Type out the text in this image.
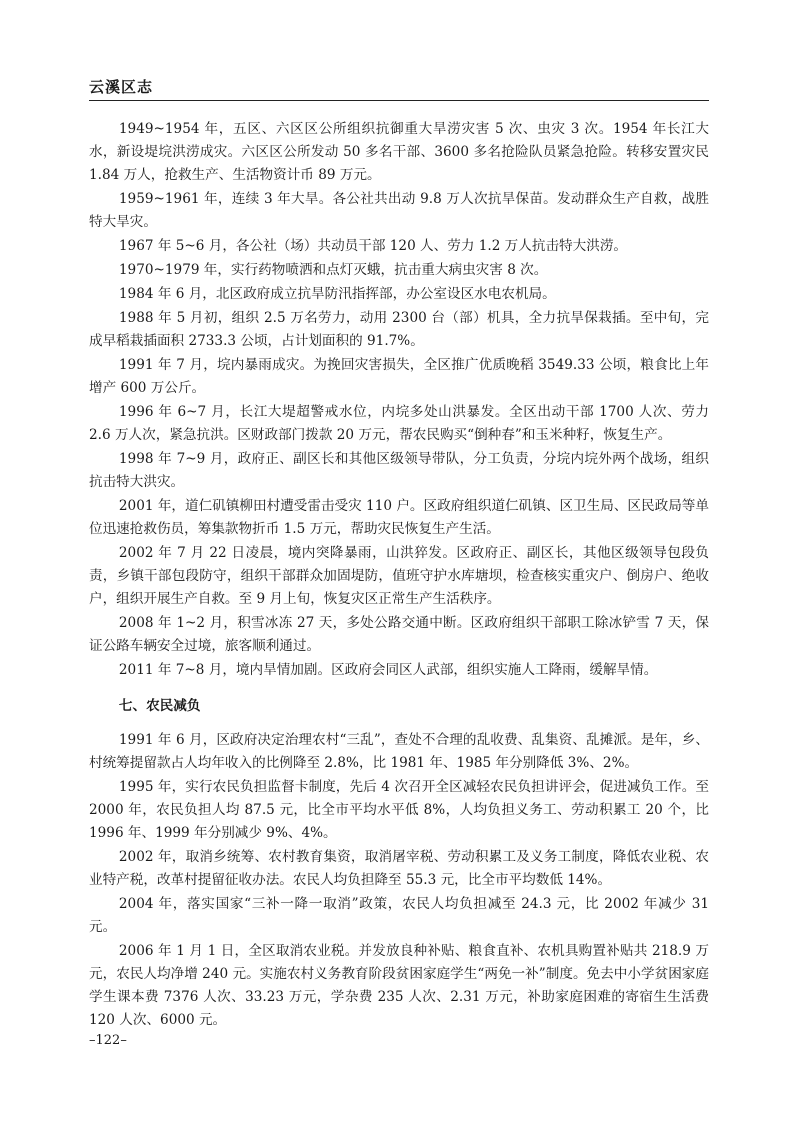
云溪区志

1949~1954 年，五区、六区区公所组织抗御重大旱涝灾害 5 次、虫灾 3 次。1954 年长江大水，新设堤垸洪涝成灾。六区区公所发动 50 多名干部、3600 多名抢险队员紧急抢险。转移安置灾民 1.84 万人，抢救生产、生活物资计币 89 万元。

1959~1961 年，连续 3 年大旱。各公社共出动 9.8 万人次抗旱保苗。发动群众生产自救，战胜特大旱灾。

1967 年 5~6 月，各公社（场）共动员干部 120 人、劳力 1.2 万人抗击特大洪涝。

1970~1979 年，实行药物喷洒和点灯灭蛾，抗击重大病虫灾害 8 次。

1984 年 6 月，北区政府成立抗旱防汛指挥部，办公室设区水电农机局。

1988 年 5 月初，组织 2.5 万名劳力，动用 2300 台（部）机具，全力抗旱保栽插。至中旬，完成早稻栽插面积 2733.3 公顷，占计划面积的 91.7%。

1991 年 7 月，垸内暴雨成灾。为挽回灾害损失，全区推广优质晚稻 3549.33 公顷，粮食比上年增产 600 万公斤。

1996 年 6~7 月，长江大堤超警戒水位，内垸多处山洪暴发。全区出动干部 1700 人次、劳力 2.6 万人次，紧急抗洪。区财政部门拨款 20 万元，帮农民购买“倒种春”和玉米种籽，恢复生产。

1998 年 7~9 月，政府正、副区长和其他区级领导带队，分工负责，分垸内垸外两个战场，组织抗击特大洪灾。

2001 年，道仁矶镇柳田村遭受雷击受灾 110 户。区政府组织道仁矶镇、区卫生局、区民政局等单位迅速抢救伤员，筹集款物折币 1.5 万元，帮助灾民恢复生产生活。

2002 年 7 月 22 日凌晨，境内突降暴雨，山洪猝发。区政府正、副区长，其他区级领导包段负责，乡镇干部包段防守，组织干部群众加固堤防，值班守护水库塘坝，检查核实重灾户、倒房户、绝收户，组织开展生产自救。至 9 月上旬，恢复灾区正常生产生活秩序。

2008 年 1~2 月，积雪冰冻 27 天，多处公路交通中断。区政府组织干部职工除冰铲雪 7 天，保证公路车辆安全过境，旅客顺利通过。

2011 年 7~8 月，境内旱情加剧。区政府会同区人武部，组织实施人工降雨，缓解旱情。

七、农民减负

1991 年 6 月，区政府决定治理农村“三乱”，查处不合理的乱收费、乱集资、乱摊派。是年，乡、村统筹提留款占人均年收入的比例降至 2.8%，比 1981 年、1985 年分别降低 3%、2%。

1995 年，实行农民负担监督卡制度，先后 4 次召开全区减轻农民负担讲评会，促进减负工作。至 2000 年，农民负担人均 87.5 元，比全市平均水平低 8%，人均负担义务工、劳动积累工 20 个，比 1996 年、1999 年分别减少 9%、4%。

2002 年，取消乡统筹、农村教育集资，取消屠宰税、劳动积累工及义务工制度，降低农业税、农业特产税，改革村提留征收办法。农民人均负担降至 55.3 元，比全市平均数低 14%。

2004 年，落实国家“三补一降一取消”政策，农民人均负担减至 24.3 元，比 2002 年减少 31 元。

2006 年 1 月 1 日，全区取消农业税。并发放良种补贴、粮食直补、农机具购置补贴共 218.9 万元，农民人均净增 240 元。实施农村义务教育阶段贫困家庭学生“两免一补”制度。免去中小学贫困家庭学生课本费 7376 人次、33.23 万元，学杂费 235 人次、2.31 万元，补助家庭困难的寄宿生生活费 120 人次、6000 元。

–122–
